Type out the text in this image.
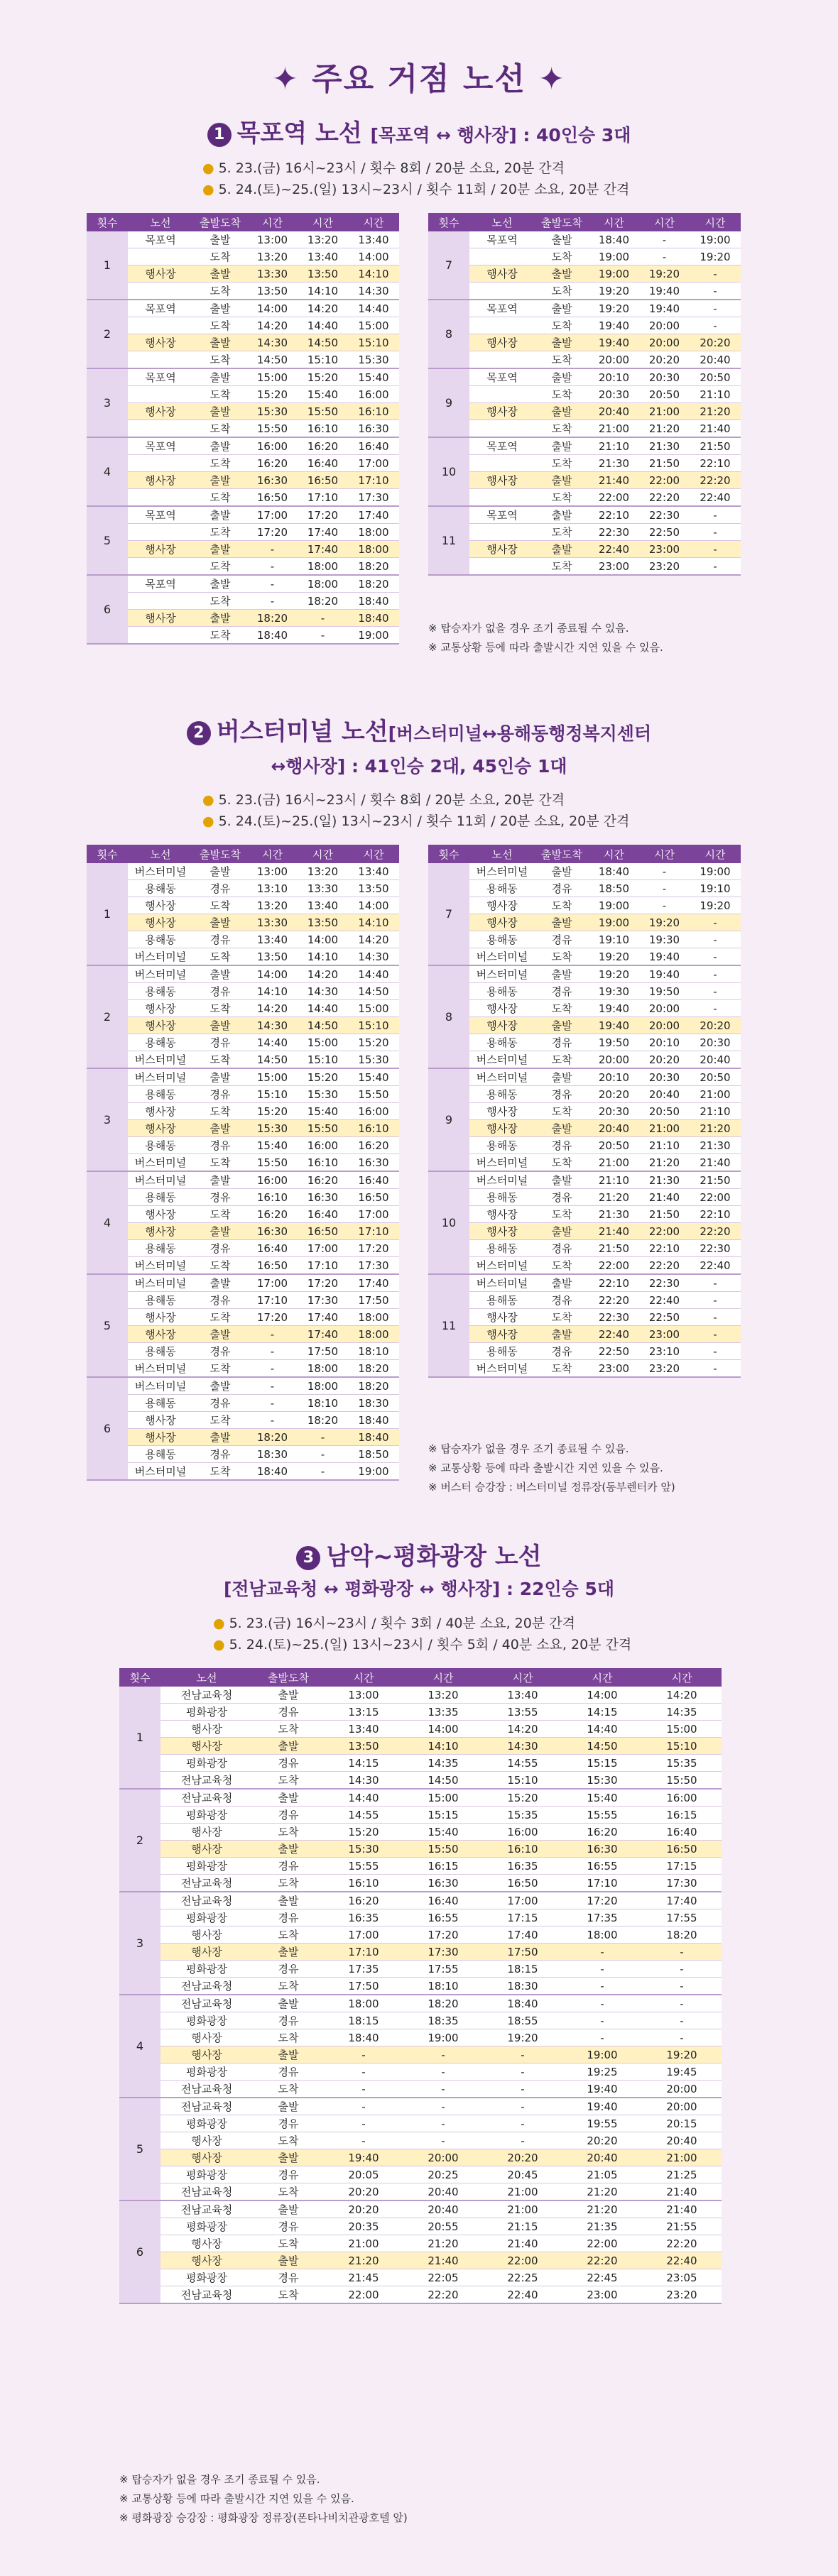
✦ 주요 거점 노선 ✦
1 목포역 노선 [목포역 ↔ 행사장] : 40인승 3대
● 5. 23.(금) 16시~23시 / 횟수 8회 / 20분 소요, 20분 간격
● 5. 24.(토)~25.(일) 13시~23시 / 횟수 11회 / 20분 소요, 20분 간격
횟수	노선	출발도착	시간	시간	시간
1	목포역	출발	13:00	13:20	13:40
		도착	13:20	13:40	14:00
	행사장	출발	13:30	13:50	14:10
		도착	13:50	14:10	14:30
2	목포역	출발	14:00	14:20	14:40
		도착	14:20	14:40	15:00
	행사장	출발	14:30	14:50	15:10
		도착	14:50	15:10	15:30
3	목포역	출발	15:00	15:20	15:40
		도착	15:20	15:40	16:00
	행사장	출발	15:30	15:50	16:10
		도착	15:50	16:10	16:30
4	목포역	출발	16:00	16:20	16:40
		도착	16:20	16:40	17:00
	행사장	출발	16:30	16:50	17:10
		도착	16:50	17:10	17:30
5	목포역	출발	17:00	17:20	17:40
		도착	17:20	17:40	18:00
	행사장	출발	-	17:40	18:00
		도착	-	18:00	18:20
6	목포역	출발	-	18:00	18:20
		도착	-	18:20	18:40
	행사장	출발	18:20	-	18:40
		도착	18:40	-	19:00
횟수	노선	출발도착	시간	시간	시간
7	목포역	출발	18:40	-	19:00
		도착	19:00	-	19:20
	행사장	출발	19:00	19:20	-
		도착	19:20	19:40	-
8	목포역	출발	19:20	19:40	-
		도착	19:40	20:00	-
	행사장	출발	19:40	20:00	20:20
		도착	20:00	20:20	20:40
9	목포역	출발	20:10	20:30	20:50
		도착	20:30	20:50	21:10
	행사장	출발	20:40	21:00	21:20
		도착	21:00	21:20	21:40
10	목포역	출발	21:10	21:30	21:50
		도착	21:30	21:50	22:10
	행사장	출발	21:40	22:00	22:20
		도착	22:00	22:20	22:40
11	목포역	출발	22:10	22:30	-
		도착	22:30	22:50	-
	행사장	출발	22:40	23:00	-
		도착	23:00	23:20	-
※ 탑승자가 없을 경우 조기 종료될 수 있음.
※ 교통상황 등에 따라 출발시간 지연 있을 수 있음.
2 버스터미널 노선[버스터미널↔용해동행정복지센터
↔행사장] : 41인승 2대, 45인승 1대
● 5. 23.(금) 16시~23시 / 횟수 8회 / 20분 소요, 20분 간격
● 5. 24.(토)~25.(일) 13시~23시 / 횟수 11회 / 20분 소요, 20분 간격
횟수	노선	출발도착	시간	시간	시간
1	버스터미널	출발	13:00	13:20	13:40
	용해동	경유	13:10	13:30	13:50
	행사장	도착	13:20	13:40	14:00
	행사장	출발	13:30	13:50	14:10
	용해동	경유	13:40	14:00	14:20
	버스터미널	도착	13:50	14:10	14:30
2	버스터미널	출발	14:00	14:20	14:40
	용해동	경유	14:10	14:30	14:50
	행사장	도착	14:20	14:40	15:00
	행사장	출발	14:30	14:50	15:10
	용해동	경유	14:40	15:00	15:20
	버스터미널	도착	14:50	15:10	15:30
3	버스터미널	출발	15:00	15:20	15:40
	용해동	경유	15:10	15:30	15:50
	행사장	도착	15:20	15:40	16:00
	행사장	출발	15:30	15:50	16:10
	용해동	경유	15:40	16:00	16:20
	버스터미널	도착	15:50	16:10	16:30
4	버스터미널	출발	16:00	16:20	16:40
	용해동	경유	16:10	16:30	16:50
	행사장	도착	16:20	16:40	17:00
	행사장	출발	16:30	16:50	17:10
	용해동	경유	16:40	17:00	17:20
	버스터미널	도착	16:50	17:10	17:30
5	버스터미널	출발	17:00	17:20	17:40
	용해동	경유	17:10	17:30	17:50
	행사장	도착	17:20	17:40	18:00
	행사장	출발	-	17:40	18:00
	용해동	경유	-	17:50	18:10
	버스터미널	도착	-	18:00	18:20
6	버스터미널	출발	-	18:00	18:20
	용해동	경유	-	18:10	18:30
	행사장	도착	-	18:20	18:40
	행사장	출발	18:20	-	18:40
	용해동	경유	18:30	-	18:50
	버스터미널	도착	18:40	-	19:00
횟수	노선	출발도착	시간	시간	시간
7	버스터미널	출발	18:40	-	19:00
	용해동	경유	18:50	-	19:10
	행사장	도착	19:00	-	19:20
	행사장	출발	19:00	19:20	-
	용해동	경유	19:10	19:30	-
	버스터미널	도착	19:20	19:40	-
8	버스터미널	출발	19:20	19:40	-
	용해동	경유	19:30	19:50	-
	행사장	도착	19:40	20:00	-
	행사장	출발	19:40	20:00	20:20
	용해동	경유	19:50	20:10	20:30
	버스터미널	도착	20:00	20:20	20:40
9	버스터미널	출발	20:10	20:30	20:50
	용해동	경유	20:20	20:40	21:00
	행사장	도착	20:30	20:50	21:10
	행사장	출발	20:40	21:00	21:20
	용해동	경유	20:50	21:10	21:30
	버스터미널	도착	21:00	21:20	21:40
10	버스터미널	출발	21:10	21:30	21:50
	용해동	경유	21:20	21:40	22:00
	행사장	도착	21:30	21:50	22:10
	행사장	출발	21:40	22:00	22:20
	용해동	경유	21:50	22:10	22:30
	버스터미널	도착	22:00	22:20	22:40
11	버스터미널	출발	22:10	22:30	-
	용해동	경유	22:20	22:40	-
	행사장	도착	22:30	22:50	-
	행사장	출발	22:40	23:00	-
	용해동	경유	22:50	23:10	-
	버스터미널	도착	23:00	23:20	-
※ 탑승자가 없을 경우 조기 종료될 수 있음.
※ 교통상황 등에 따라 출발시간 지연 있을 수 있음.
※ 버스터 승강장 : 버스터미널 정류장(동부렌터카 앞)
3 남악~평화광장 노선
[전남교육청 ↔ 평화광장 ↔ 행사장] : 22인승 5대
● 5. 23.(금) 16시~23시 / 횟수 3회 / 40분 소요, 20분 간격
● 5. 24.(토)~25.(일) 13시~23시 / 횟수 5회 / 40분 소요, 20분 간격
횟수	노선	출발도착	시간	시간	시간	시간	시간
1	전남교육청	출발	13:00	13:20	13:40	14:00	14:20
	평화광장	경유	13:15	13:35	13:55	14:15	14:35
	행사장	도착	13:40	14:00	14:20	14:40	15:00
	행사장	출발	13:50	14:10	14:30	14:50	15:10
	평화광장	경유	14:15	14:35	14:55	15:15	15:35
	전남교육청	도착	14:30	14:50	15:10	15:30	15:50
2	전남교육청	출발	14:40	15:00	15:20	15:40	16:00
	평화광장	경유	14:55	15:15	15:35	15:55	16:15
	행사장	도착	15:20	15:40	16:00	16:20	16:40
	행사장	출발	15:30	15:50	16:10	16:30	16:50
	평화광장	경유	15:55	16:15	16:35	16:55	17:15
	전남교육청	도착	16:10	16:30	16:50	17:10	17:30
3	전남교육청	출발	16:20	16:40	17:00	17:20	17:40
	평화광장	경유	16:35	16:55	17:15	17:35	17:55
	행사장	도착	17:00	17:20	17:40	18:00	18:20
	행사장	출발	17:10	17:30	17:50	-	-
	평화광장	경유	17:35	17:55	18:15	-	-
	전남교육청	도착	17:50	18:10	18:30	-	-
4	전남교육청	출발	18:00	18:20	18:40	-	-
	평화광장	경유	18:15	18:35	18:55	-	-
	행사장	도착	18:40	19:00	19:20	-	-
	행사장	출발	-	-	-	19:00	19:20
	평화광장	경유	-	-	-	19:25	19:45
	전남교육청	도착	-	-	-	19:40	20:00
5	전남교육청	출발	-	-	-	19:40	20:00
	평화광장	경유	-	-	-	19:55	20:15
	행사장	도착	-	-	-	20:20	20:40
	행사장	출발	19:40	20:00	20:20	20:40	21:00
	평화광장	경유	20:05	20:25	20:45	21:05	21:25
	전남교육청	도착	20:20	20:40	21:00	21:20	21:40
6	전남교육청	출발	20:20	20:40	21:00	21:20	21:40
	평화광장	경유	20:35	20:55	21:15	21:35	21:55
	행사장	도착	21:00	21:20	21:40	22:00	22:20
	행사장	출발	21:20	21:40	22:00	22:20	22:40
	평화광장	경유	21:45	22:05	22:25	22:45	23:05
	전남교육청	도착	22:00	22:20	22:40	23:00	23:20
※ 탑승자가 없을 경우 조기 종료될 수 있음.
※ 교통상황 등에 따라 출발시간 지연 있을 수 있음.
※ 평화광장 승강장 : 평화광장 정류장(폰타나비치관광호텔 앞)
